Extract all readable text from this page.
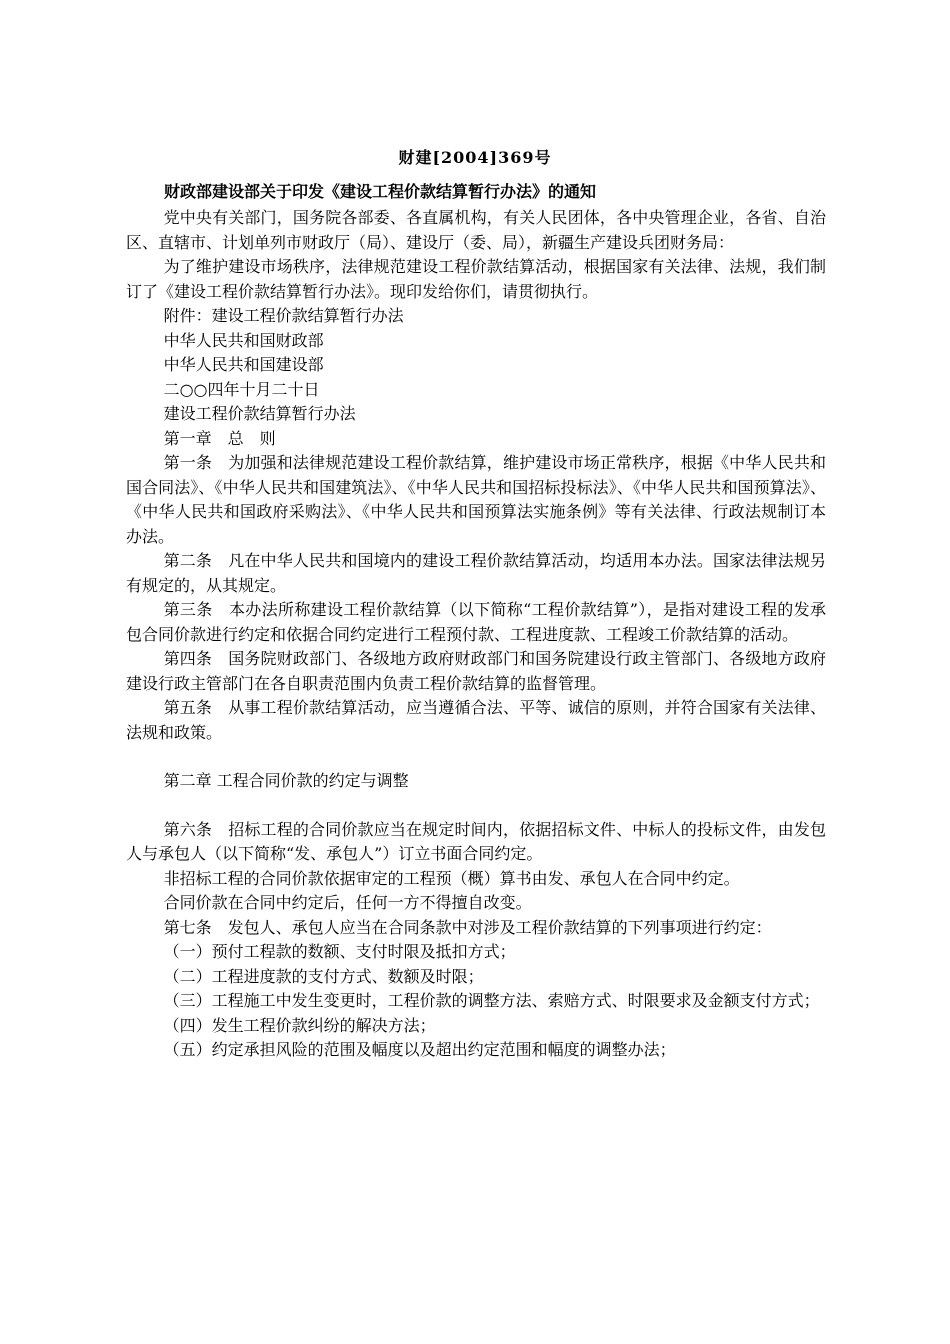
财建[2004]369号
财政部建设部关于印发《建设工程价款结算暂行办法》的通知

党中央有关部门，国务院各部委、各直属机构，有关人民团体，各中央管理企业，各省、自治区、直辖市、计划单列市财政厅（局）、建设厅（委、局），新疆生产建设兵团财务局：

为了维护建设市场秩序，法律规范建设工程价款结算活动，根据国家有关法律、法规，我们制订了《建设工程价款结算暂行办法》。现印发给你们，请贯彻执行。

附件：建设工程价款结算暂行办法

中华人民共和国财政部

中华人民共和国建设部

二○○四年十月二十日

建设工程价款结算暂行办法

第一章　总　则

第一条　为加强和法律规范建设工程价款结算，维护建设市场正常秩序，根据《中华人民共和国合同法》、《中华人民共和国建筑法》、《中华人民共和国招标投标法》、《中华人民共和国预算法》、《中华人民共和国政府采购法》、《中华人民共和国预算法实施条例》等有关法律、行政法规制订本办法。

第二条　凡在中华人民共和国境内的建设工程价款结算活动，均适用本办法。国家法律法规另有规定的，从其规定。

第三条　本办法所称建设工程价款结算（以下简称“工程价款结算”），是指对建设工程的发承包合同价款进行约定和依据合同约定进行工程预付款、工程进度款、工程竣工价款结算的活动。

第四条　国务院财政部门、各级地方政府财政部门和国务院建设行政主管部门、各级地方政府建设行政主管部门在各自职责范围内负责工程价款结算的监督管理。

第五条　从事工程价款结算活动，应当遵循合法、平等、诚信的原则，并符合国家有关法律、法规和政策。

第二章 工程合同价款的约定与调整

第六条　招标工程的合同价款应当在规定时间内，依据招标文件、中标人的投标文件，由发包人与承包人（以下简称“发、承包人”）订立书面合同约定。

非招标工程的合同价款依据审定的工程预（概）算书由发、承包人在合同中约定。

合同价款在合同中约定后，任何一方不得擅自改变。

第七条　发包人、承包人应当在合同条款中对涉及工程价款结算的下列事项进行约定：

（一）预付工程款的数额、支付时限及抵扣方式；

（二）工程进度款的支付方式、数额及时限；

（三）工程施工中发生变更时，工程价款的调整方法、索赔方式、时限要求及金额支付方式；

（四）发生工程价款纠纷的解决方法；

（五）约定承担风险的范围及幅度以及超出约定范围和幅度的调整办法；
